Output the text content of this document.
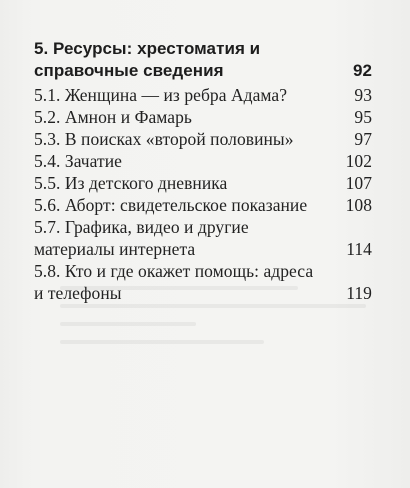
5. Ресурсы: хрестоматия и справочные сведения	92
5.1. Женщина — из ребра Адама?	93
5.2. Амнон и Фамарь	95
5.3. В поисках «второй половины»	97
5.4. Зачатие	102
5.5. Из детского дневника	107
5.6. Аборт: свидетельское показание	108
5.7. Графика, видео и другие материалы интернета	114
5.8. Кто и где окажет помощь: адреса и телефоны	119
